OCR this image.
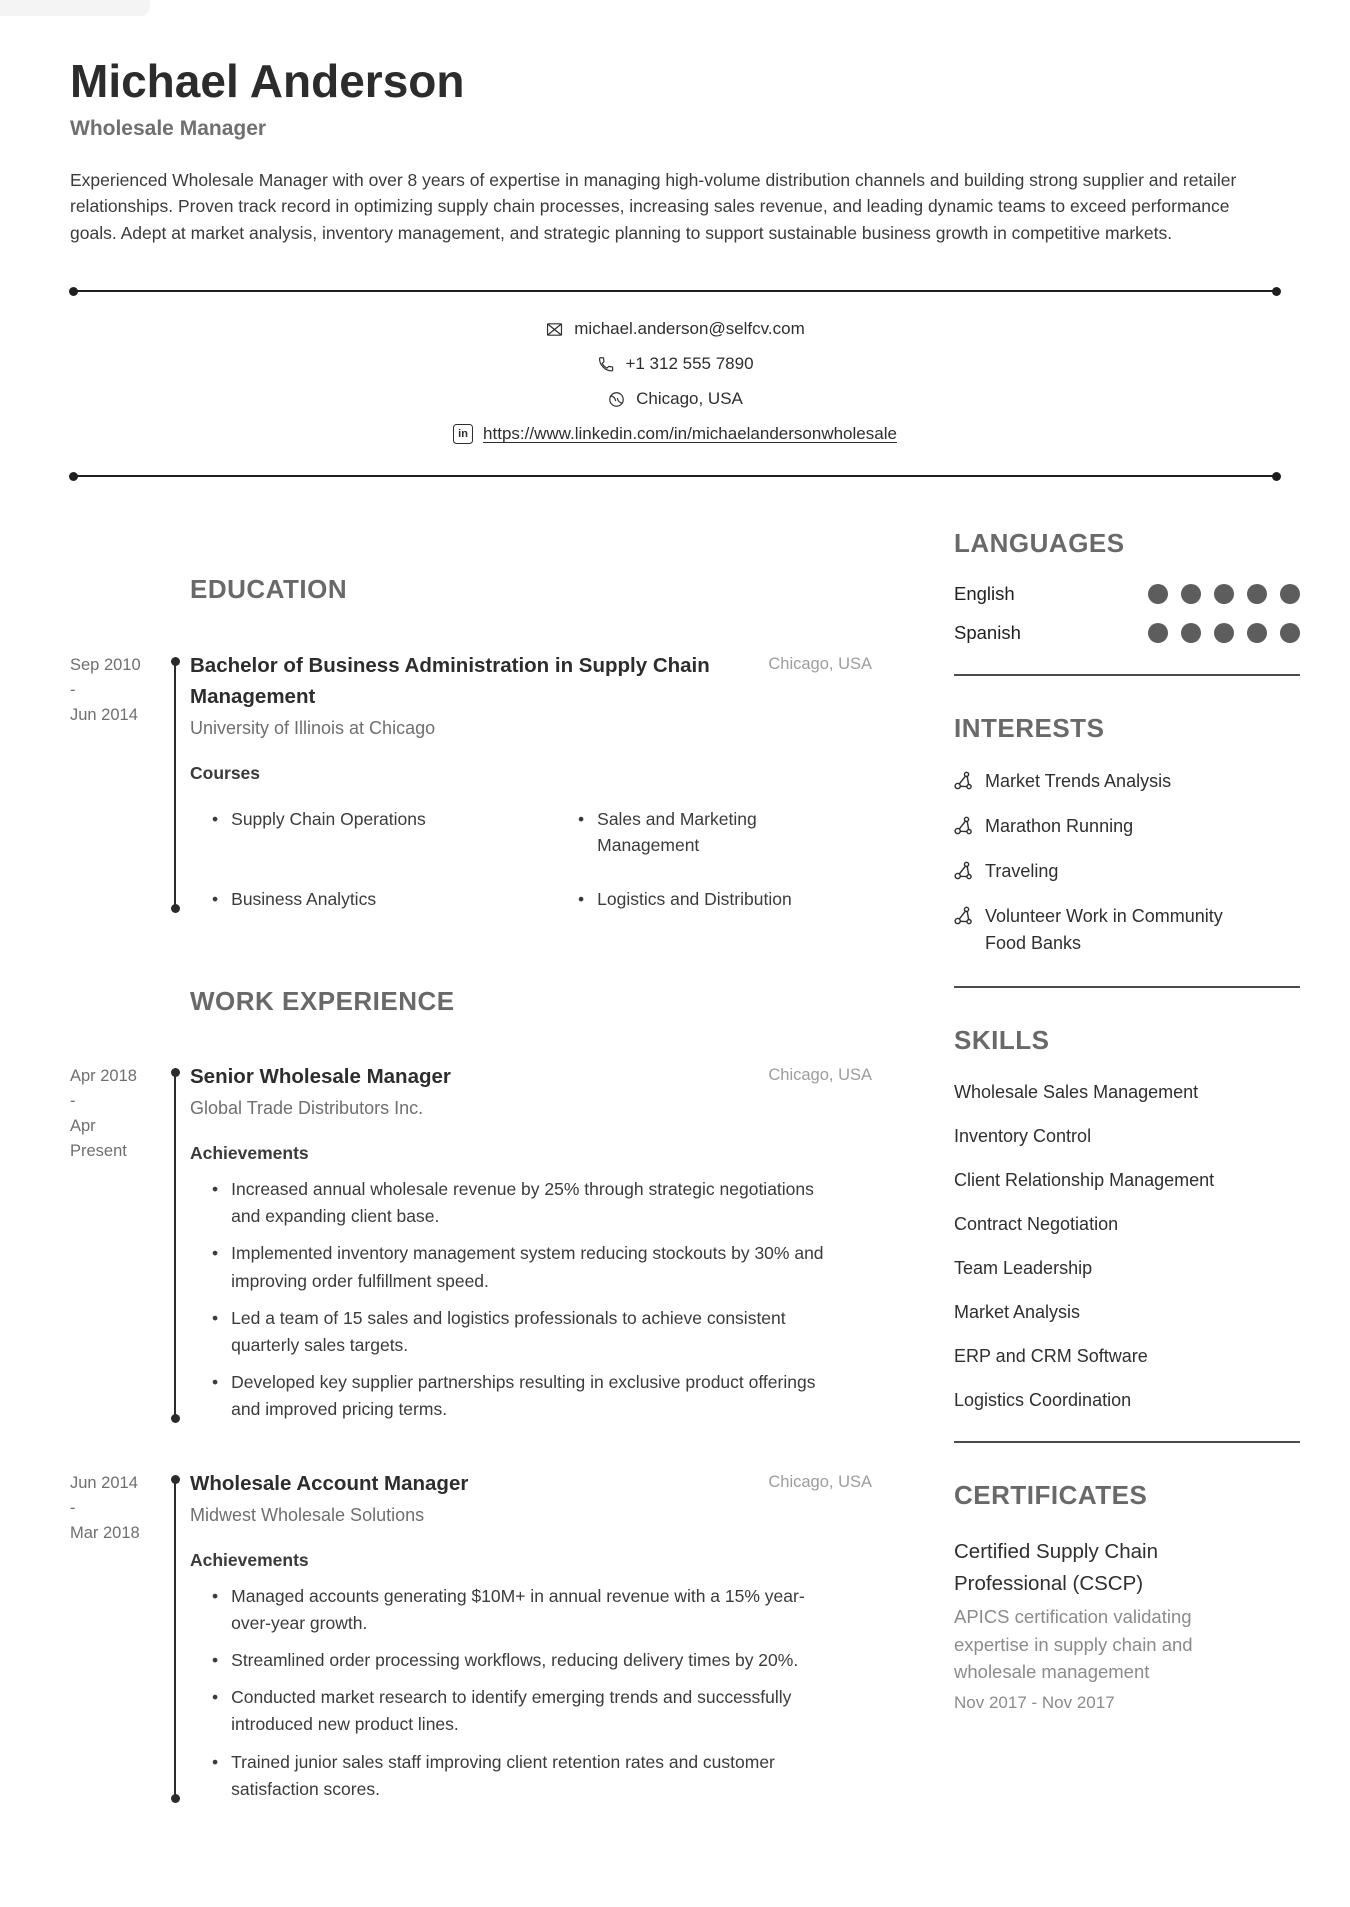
Michael Anderson
Wholesale Manager

Experienced Wholesale Manager with over 8 years of expertise in managing high-volume distribution channels and building strong supplier and retailer relationships. Proven track record in optimizing supply chain processes, increasing sales revenue, and leading dynamic teams to exceed performance goals. Adept at market analysis, inventory management, and strategic planning to support sustainable business growth in competitive markets.

michael.anderson@selfcv.com
+1 312 555 7890
Chicago, USA
in https://www.linkedin.com/in/michaelandersonwholesale
EDUCATION
Sep 2010
-
Jun 2014
Bachelor of Business Administration in Supply Chain Management
Chicago, USA
University of Illinois at Chicago
Courses
• Supply Chain Operations	• Sales and Marketing Management
• Business Analytics	• Logistics and Distribution
WORK EXPERIENCE
Apr 2018
-
Apr
Present
Senior Wholesale Manager	Chicago, USA
Global Trade Distributors Inc.
Achievements
• Increased annual wholesale revenue by 25% through strategic negotiations and expanding client base.
• Implemented inventory management system reducing stockouts by 30% and improving order fulfillment speed.
• Led a team of 15 sales and logistics professionals to achieve consistent quarterly sales targets.
• Developed key supplier partnerships resulting in exclusive product offerings and improved pricing terms.
Jun 2014
-
Mar 2018
Wholesale Account Manager	Chicago, USA
Midwest Wholesale Solutions
Achievements
• Managed accounts generating $10M+ in annual revenue with a 15% year-over-year growth.
• Streamlined order processing workflows, reducing delivery times by 20%.
• Conducted market research to identify emerging trends and successfully introduced new product lines.
• Trained junior sales staff improving client retention rates and customer satisfaction scores.
LANGUAGES
English
Spanish
INTERESTS
Market Trends Analysis
Marathon Running
Traveling
Volunteer Work in Community Food Banks
SKILLS
Wholesale Sales Management
Inventory Control
Client Relationship Management
Contract Negotiation
Team Leadership
Market Analysis
ERP and CRM Software
Logistics Coordination
CERTIFICATES
Certified Supply Chain Professional (CSCP)
APICS certification validating expertise in supply chain and wholesale management
Nov 2017 - Nov 2017
